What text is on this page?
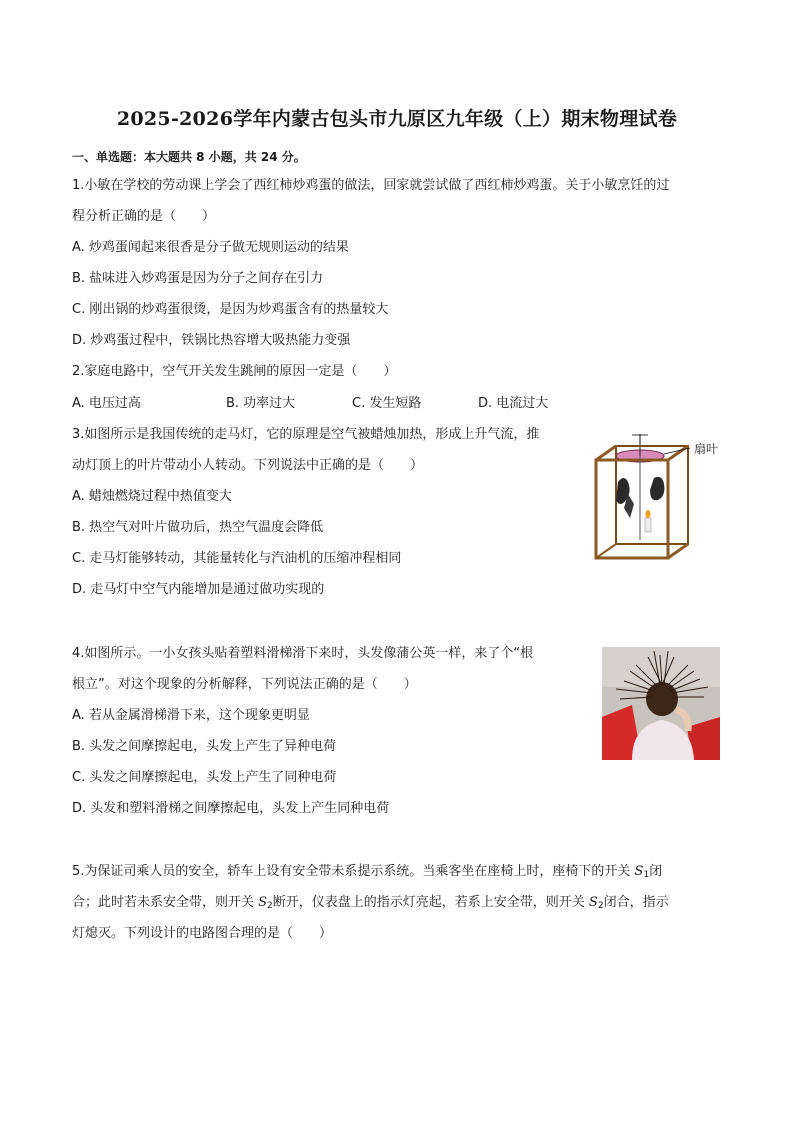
2025-2026学年内蒙古包头市九原区九年级（上）期末物理试卷
一、单选题：本大题共 8 小题，共 24 分。
1.小敏在学校的劳动课上学会了西红柿炒鸡蛋的做法，回家就尝试做了西红柿炒鸡蛋。关于小敏烹饪的过
程分析正确的是（　　）
A. 炒鸡蛋闻起来很香是分子做无规则运动的结果
B. 盐味进入炒鸡蛋是因为分子之间存在引力
C. 刚出锅的炒鸡蛋很烫，是因为炒鸡蛋含有的热量较大
D. 炒鸡蛋过程中，铁锅比热容增大吸热能力变强
2.家庭电路中，空气开关发生跳闸的原因一定是（　　）
A. 电压过高	B. 功率过大	C. 发生短路	D. 电流过大
3.如图所示是我国传统的走马灯，它的原理是空气被蜡烛加热，形成上升气流，推
动灯顶上的叶片带动小人转动。下列说法中正确的是（　　）
A. 蜡烛燃烧过程中热值变大
B. 热空气对叶片做功后，热空气温度会降低
C. 走马灯能够转动，其能量转化与汽油机的压缩冲程相同
D. 走马灯中空气内能增加是通过做功实现的
扇叶
4.如图所示。一小女孩头贴着塑料滑梯滑下来时，头发像蒲公英一样，来了个“根
根立”。对这个现象的分析解释，下列说法正确的是（　　）
A. 若从金属滑梯滑下来，这个现象更明显
B. 头发之间摩擦起电，头发上产生了异种电荷
C. 头发之间摩擦起电，头发上产生了同种电荷
D. 头发和塑料滑梯之间摩擦起电，头发上产生同种电荷
5.为保证司乘人员的安全，轿车上设有安全带未系提示系统。当乘客坐在座椅上时，座椅下的开关 $S_1$闭
合；此时若未系安全带，则开关 $S_2$断开，仪表盘上的指示灯亮起，若系上安全带，则开关 $S_2$闭合，指示
灯熄灭。下列设计的电路图合理的是（　　）
